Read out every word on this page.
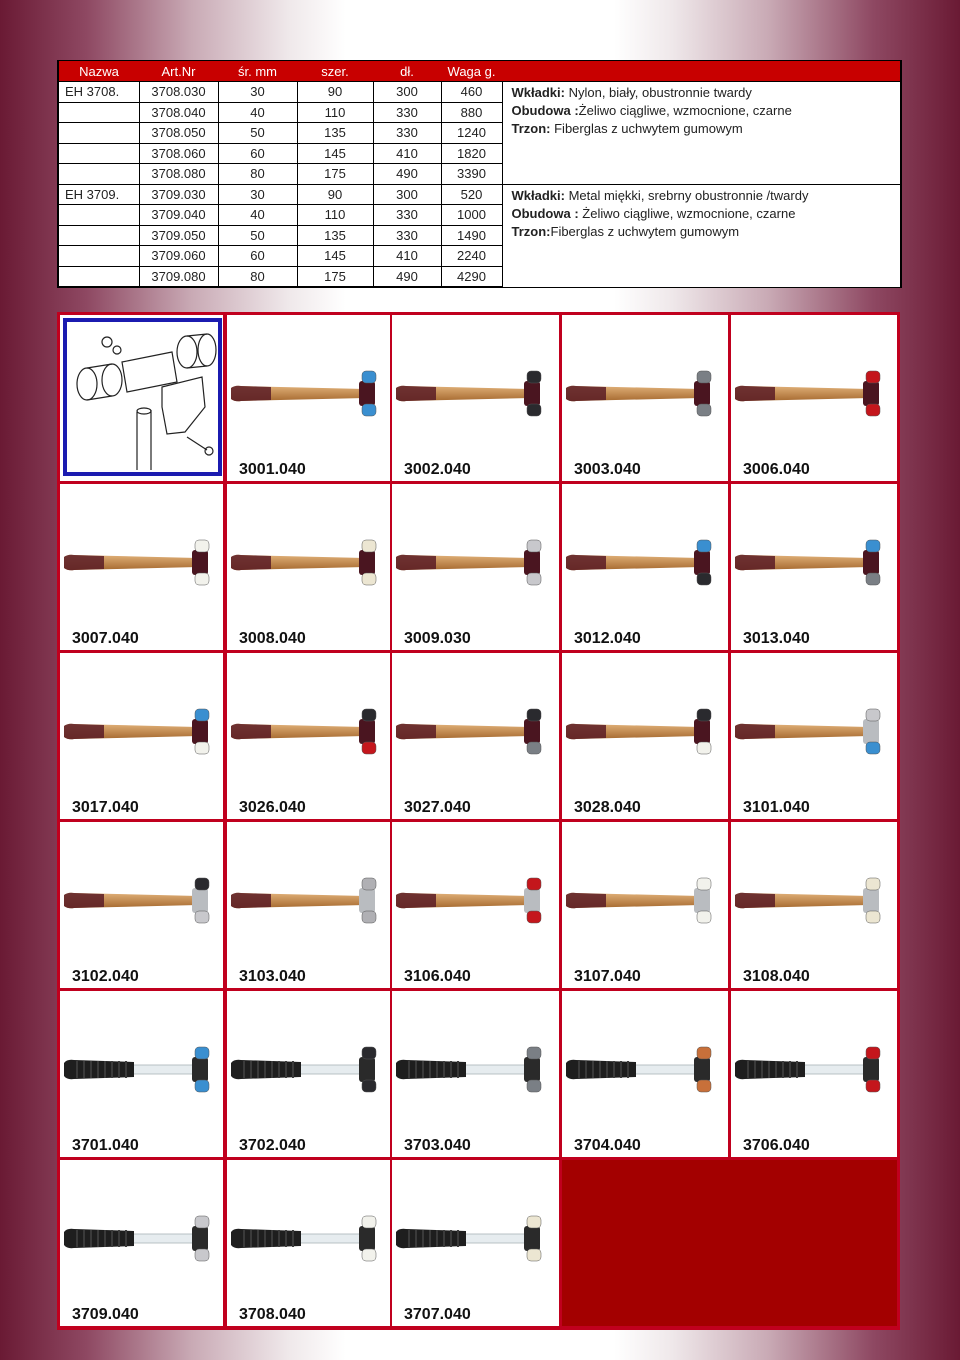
Nazwa	Art.Nr	śr. mm	szer.	dł.	Waga g.	
EH 3708.	3708.030	30	90	300	460	Wkładki: Nylon, biały, obustronnie twardy
Obudowa :Żeliwo ciągliwe, wzmocnione, czarne
Trzon: Fiberglas z uchwytem gumowym

	3708.040	40	110	330	880	
	3708.050	50	135	330	1240	
	3708.060	60	145	410	1820	
	3708.080	80	175	490	3390	
EH 3709.	3709.030	30	90	300	520	Wkładki: Metal miękki, srebrny obustronnie /twardy
Obudowa : Żeliwo ciągliwe, wzmocnione, czarne
Trzon:Fiberglas z uchwytem gumowym

	3709.040	40	110	330	1000	
	3709.050	50	135	330	1490	
	3709.060	60	145	410	2240	
	3709.080	80	175	490	4290	
3001.040	3002.040	3003.040	3006.040
3007.040	3008.040	3009.030	3012.040	3013.040
3017.040	3026.040	3027.040	3028.040	3101.040
3102.040	3103.040	3106.040	3107.040	3108.040
3701.040	3702.040	3703.040	3704.040	3706.040
3709.040	3708.040	3707.040
